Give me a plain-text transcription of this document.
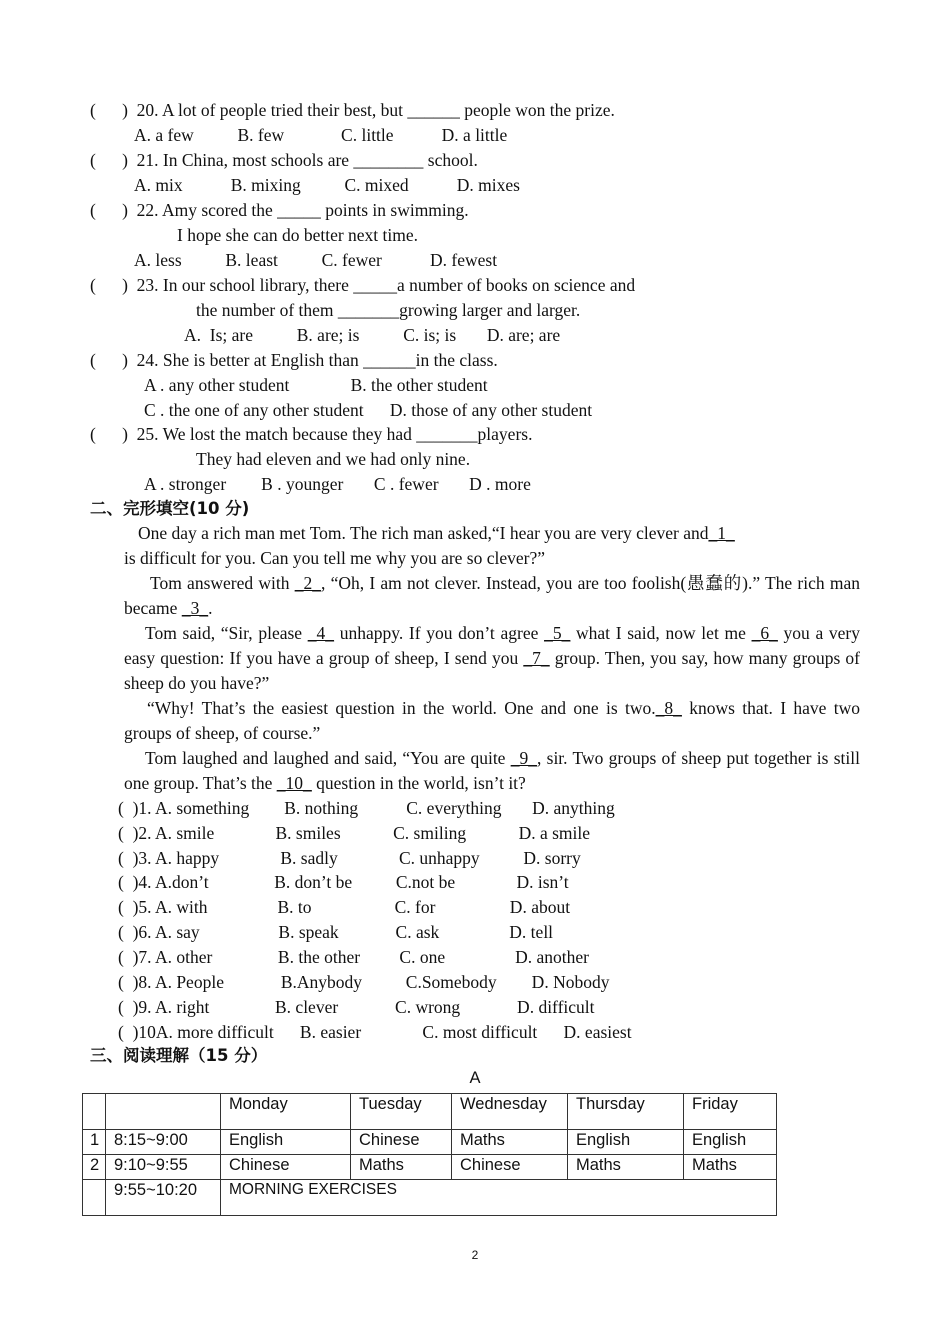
(      )  20. A lot of people tried their best, but ______ people won the prize.
A. a few          B. few             C. little           D. a little
(      )  21. In China, most schools are ________ school.
A. mix           B. mixing          C. mixed           D. mixes
(      )  22. Amy scored the _____ points in swimming.
I hope she can do better next time.
A. less          B. least          C. fewer           D. fewest
(      )  23. In our school library, there _____a number of books on science and
the number of them _______growing larger and larger.
A.  Is; are          B. are; is          C. is; is       D. are; are
(      )  24. She is better at English than ______in the class.
A . any other student              B. the other student
C . the one of any other student      D. those of any other student
(      )  25. We lost the match because they had _______players.
They had eleven and we had only nine.
A . stronger        B . younger       C . fewer       D . more
二、完形填空(10 分)
One day a rich man met Tom. The rich man asked,“I hear you are very clever and_1_
is difficult for you. Can you tell me why you are so clever?”
Tom answered with _2_, “Oh, I am not clever. Instead, you are too foolish(愚蠢的).” The rich man became _3_.
Tom said, “Sir, please _4_ unhappy. If you don’t agree _5_ what I said, now let me _6_ you a very easy question: If you have a group of sheep, I send you _7_ group. Then, you say, how many groups of sheep do you have?”
“Why! That’s the easiest question in the world. One and one is two._8_ knows that. I have two groups of sheep, of course.”
Tom laughed and laughed and said, “You are quite _9_, sir. Two groups of sheep put together is still one group. That’s the _10_ question in the world, isn’t it?
(  )1. A. something        B. nothing           C. everything       D. anything
(  )2. A. smile              B. smiles            C. smiling            D. a smile
(  )3. A. happy              B. sadly              C. unhappy          D. sorry
(  )4. A.don’t               B. don’t be          C.not be              D. isn’t
(  )5. A. with                B. to                   C. for                 D. about
(  )6. A. say                  B. speak             C. ask                D. tell
(  )7. A. other               B. the other         C. one                D. another
(  )8. A. People             B.Anybody          C.Somebody        D. Nobody
(  )9. A. right               B. clever             C. wrong             D. difficult
(  )10A. more difficult      B. easier              C. most difficult      D. easiest
三、阅读理解（15 分）
A
		Monday	Tuesday	Wednesday	Thursday	Friday
1	8:15~9:00	English	Chinese	Maths	English	English
2	9:10~9:55	Chinese	Maths	Chinese	Maths	Maths
	9:55~10:20	MORNING EXERCISES				
2
